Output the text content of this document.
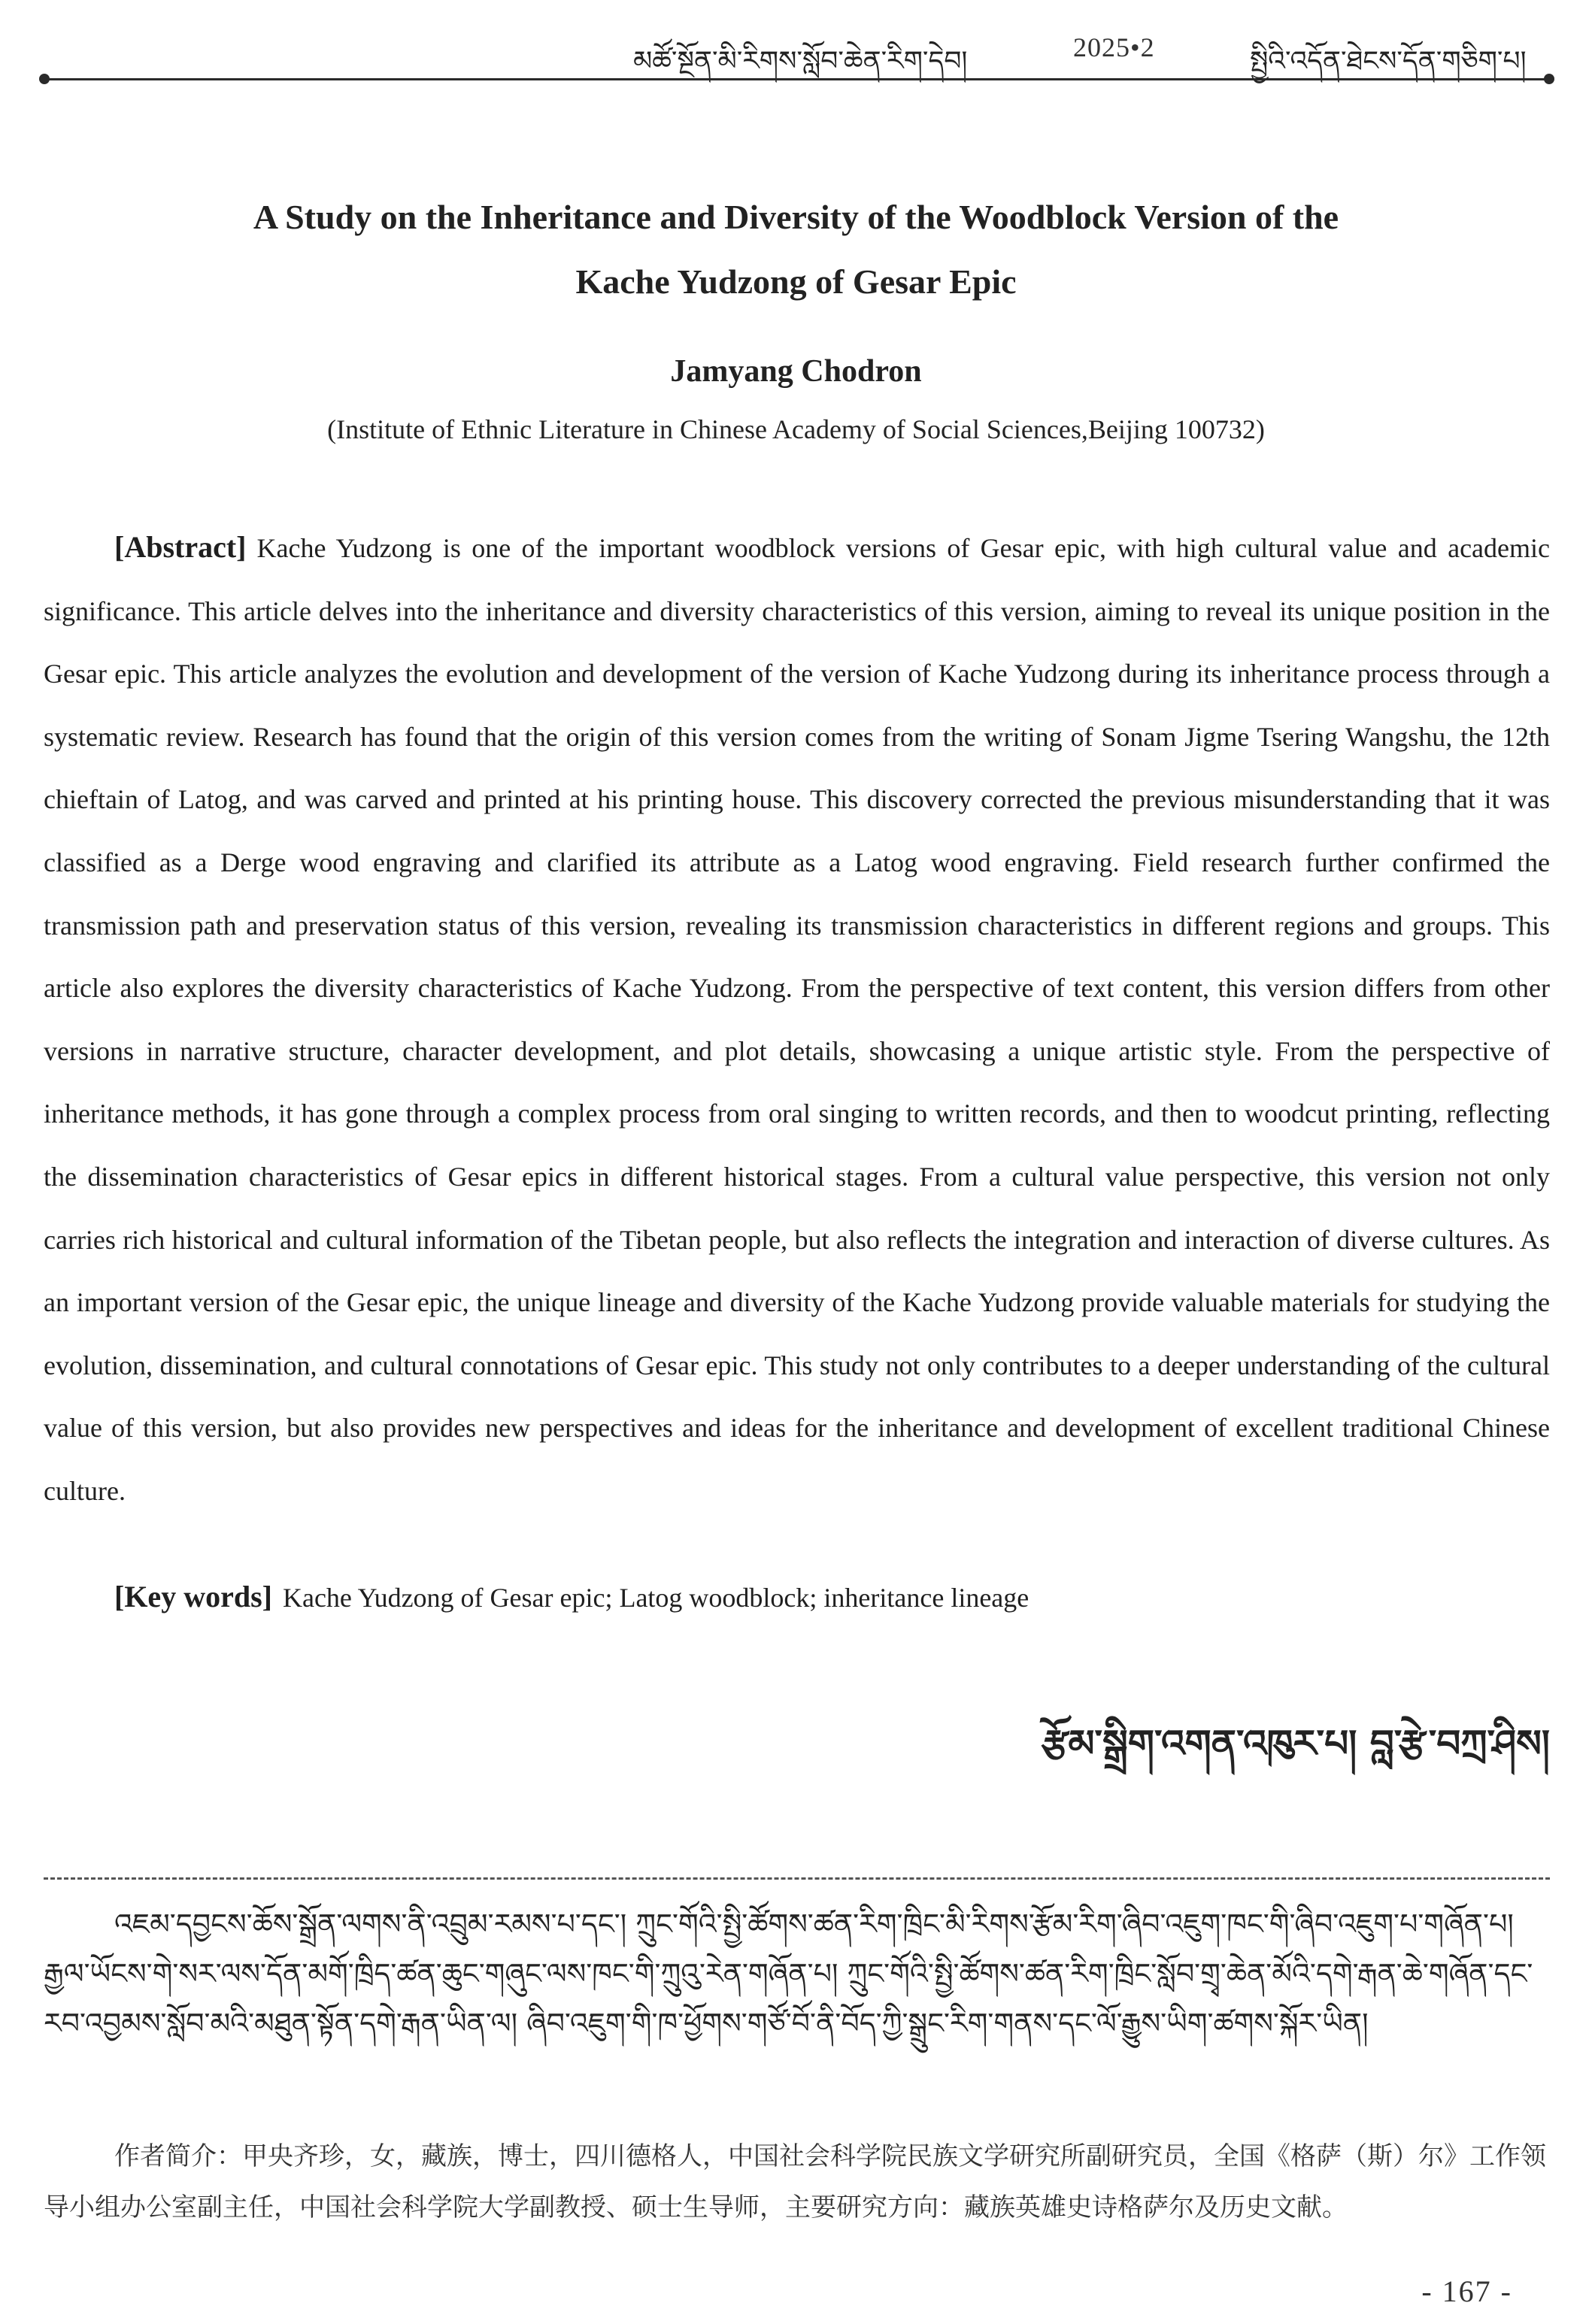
མཚོ་སྔོན་མི་རིགས་སློབ་ཆེན་རིག་དེབ།	2025•2	སྤྱིའི་འདོན་ཐེངས་དོན་གཅིག་པ།
A Study on the Inheritance and Diversity of the Woodblock Version of the
Kache Yudzong of Gesar Epic
Jamyang Chodron
(Institute of Ethnic Literature in Chinese Academy of Social Sciences,Beijing 100732)
[Abstract] Kache Yudzong is one of the important woodblock versions of Gesar epic, with high cultural value and academic significance. This article delves into the inheritance and diversity characteristics of this version, aiming to reveal its unique position in the Gesar epic. This article analyzes the evolution and development of the version of Kache Yudzong during its inheritance process through a systematic review. Research has found that the origin of this version comes from the writing of Sonam Jigme Tsering Wangshu, the 12th chieftain of Latog, and was carved and printed at his printing house. This discovery corrected the previous misunderstanding that it was classified as a Derge wood engraving and clarified its attribute as a Latog wood engraving. Field research further confirmed the transmission path and preservation status of this version, revealing its transmission characteristics in different regions and groups. This article also explores the diversity characteristics of Kache Yudzong. From the perspective of text content, this version differs from other versions in narrative structure, character development, and plot details, showcasing a unique artistic style. From the perspective of inheritance methods, it has gone through a complex process from oral singing to written records, and then to woodcut printing, reflecting the dissemination characteristics of Gesar epics in different historical stages. From a cultural value perspective, this version not only carries rich historical and cultural information of the Tibetan people, but also reflects the integration and interaction of diverse cultures. As an important version of the Gesar epic, the unique lineage and diversity of the Kache Yudzong provide valuable materials for studying the evolution, dissemination, and cultural connotations of Gesar epic. This study not only contributes to a deeper understanding of the cultural value of this version, but also provides new perspectives and ideas for the inheritance and development of excellent traditional Chinese culture.
[Key words] Kache Yudzong of Gesar epic; Latog woodblock; inheritance lineage
རྩོམ་སྒྲིག་འགན་འཁུར་པ། བླ་རྩེ་བཀྲ་ཤིས།
འཇམ་དབྱངས་ཆོས་སྒྲོན་ལགས་ནི་འབྲུམ་རམས་པ་དང་། ཀྲུང་གོའི་སྤྱི་ཚོགས་ཚན་རིག་ཁྲིང་མི་རིགས་རྩོམ་རིག་ཞིབ་འཇུག་ཁང་གི་ཞིབ་འཇུག་པ་གཞོན་པ། རྒྱལ་ཡོངས་གེ་སར་ལས་དོན་མགོ་ཁྲིད་ཚན་ཆུང་གཞུང་ལས་ཁང་གི་ཀྲུའུ་རེན་གཞོན་པ། ཀྲུང་གོའི་སྤྱི་ཚོགས་ཚན་རིག་ཁྲིང་སློབ་གྲྭ་ཆེན་མོའི་དགེ་རྒན་ཆེ་གཞོན་དང་རབ་འབྱམས་སློབ་མའི་མཐུན་སྟོན་དགེ་རྒན་ཡིན་ལ། ཞིབ་འཇུག་གི་ཁ་ཕྱོགས་གཙོ་བོ་ནི་བོད་ཀྱི་སྒྲུང་རིག་གནས་དང་ལོ་རྒྱུས་ཡིག་ཚགས་སྐོར་ཡིན།
作者简介：甲央齐珍，女，藏族，博士，四川德格人，中国社会科学院民族文学研究所副研究员，全国《格萨（斯）尔》工作领导小组办公室副主任，中国社会科学院大学副教授、硕士生导师，主要研究方向：藏族英雄史诗格萨尔及历史文献。
- 167 -
